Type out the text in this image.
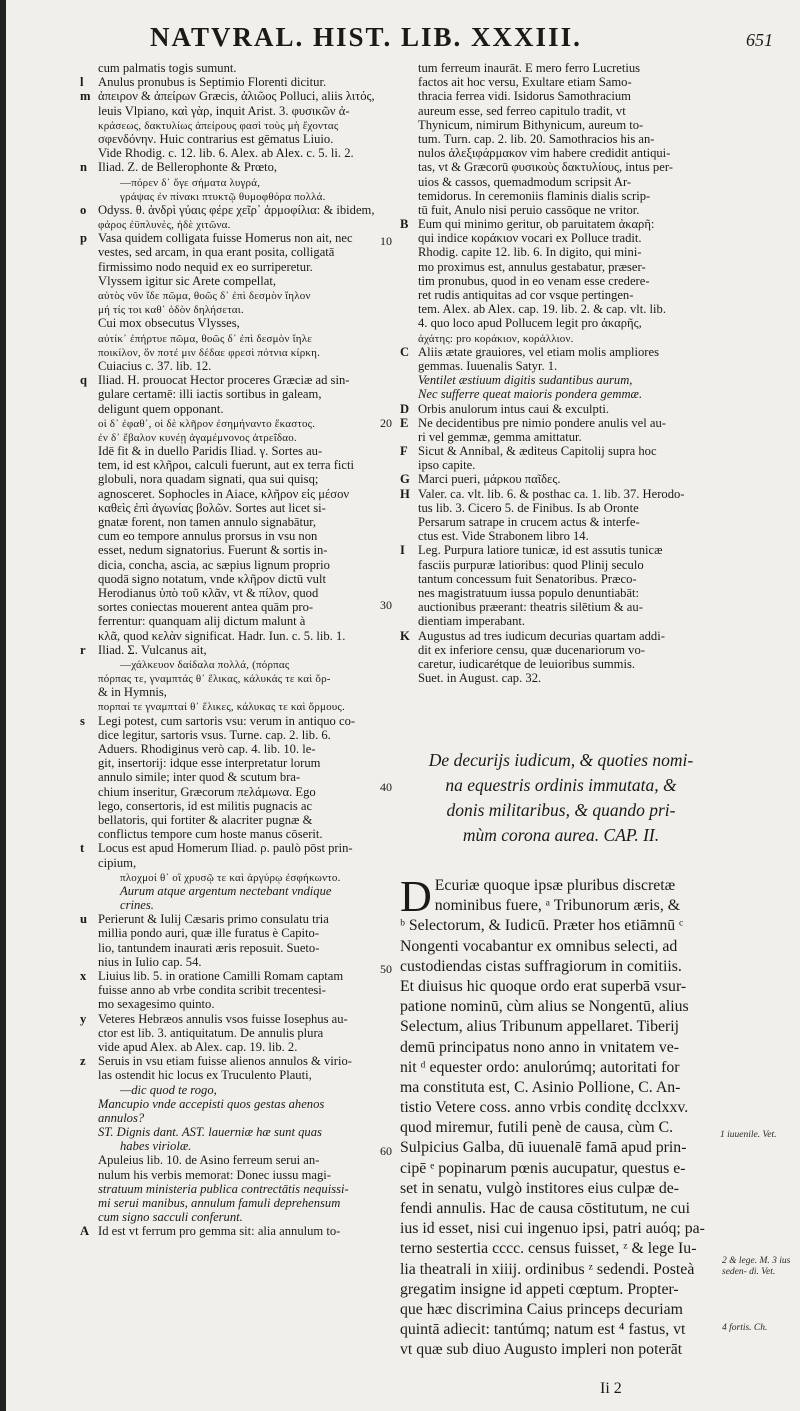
NATVRAL. HIST. LIB. XXXIII.	651
cum palmatis togis sumunt.
l Anulus pronubus is Septimio Florenti dicitur.
m ἀπειρον & ἀπείρων Græcis, ἀλιῶος Polluci, aliis λιτός,
leuis Vlpiano, καὶ γὰρ, inquit Arist. 3. φυσικῶν ἀ-
κράσεως, δακτυλίως ἀπείρους φασὶ τοὺς μὴ ἔχοντας
σφενδόνην. Huic contrarius est gēmatus Liuio.
Vide Rhodig. c. 12. lib. 6. Alex. ab Alex. c. 5. li. 2.
n Iliad. Z. de Bellerophonte & Prœto,
—πόρεν δ᾽ ὅγε σήματα λυγρά,
γράψας ἐν πίνακι πτυκτῷ θυμοφθόρα πολλά.
o Odyss. θ. ἀνδρὶ γύαις φέρε χεῖρ᾽ ἀρμοφίλια: & ibidem,
φάρος ἐϋπλυνὲς, ἠδὲ χιτῶνα.
p Vasa quidem colligata fuisse Homerus non ait, nec
vestes, sed arcam, in qua erant posita, colligatā
firmissimo nodo nequid ex eo surriperetur.
Vlyssem igitur sic Arete compellat,
αὐτὸς νῦν ἴδε πῶμα, θοῶς δ᾽ ἐπὶ δεσμὸν ἴηλον
μή τίς τοι καθ᾽ ὁδὸν δηλήσεται.
Cui mox obsecutus Vlysses,
αὐτίκ᾽ ἐπήρτυε πῶμα, θοῶς δ᾽ ἐπὶ δεσμὸν ἴηλε
ποικίλον, ὅν ποτέ μιν δέδαε φρεσὶ πότνια κίρκη.
Cuiacius c. 37. lib. 12.
q Iliad. H. prouocat Hector proceres Græciæ ad sin-
gulare certamē: illi iactis sortibus in galeam,
deligunt quem opponant.
οἱ δ᾽ ἐφαθ᾽, οἱ δὲ κλῆρον ἐσημήναντο ἕκαστος.
ἐν δ᾽ ἔβαλον κυνέῃ ἀγαμέμνονος ἀτρεΐδαο.
Idē fit & in duello Paridis Iliad. γ. Sortes au-
tem, id est κλῆροι, calculi fuerunt, aut ex terra ficti
globuli, nora quadam signati, qua sui quisq;
agnosceret. Sophocles in Aiace, κλῆρον εἰς μέσον
καθεὶς ἐπὶ ἀγωνίας βολῶν. Sortes aut licet si-
gnatæ forent, non tamen annulo signabātur,
cum eo tempore annulus prorsus in vsu non
esset, nedum signatorius. Fuerunt & sortis in-
dicia, concha, ascia, ac sæpius lignum proprio
quodā signo notatum, vnde κλῆρον dictū vult
Herodianus ὑπὸ τοῦ κλᾶν, vt & πίλον, quod
sortes coniectas mouerent antea quām pro-
ferrentur: quanquam alij dictum malunt à
κλᾶ, quod κελὰν significat. Hadr. Iun. c. 5. lib. 1.
r Iliad. Σ. Vulcanus ait,
—χάλκευον δαίδαλα πολλά, (πόρπας
πόρπας τε, γναμπτάς θ᾽ ἕλικας, κάλυκάς τε καὶ ὅρ-
& in Hymnis,
πορπαί τε γναμπταί θ᾽ ἕλικες, κάλυκας τε καὶ ὅρμους.
s Legi potest, cum sartoris vsu: verum in antiquo co-
dice legitur, sartoris vsus. Turne. cap. 2. lib. 6.
Aduers. Rhodiginus verò cap. 4. lib. 10. le-
git, insertorij: idque esse interpretatur lorum
annulo simile; inter quod & scutum bra-
chium inseritur, Græcorum πελάμωνα. Ego
lego, consertoris, id est militis pugnacis ac
bellatoris, qui fortiter & alacriter pugnæ &
conflictus tempore cum hoste manus cōserit.
t Locus est apud Homerum Iliad. ρ. paulò pōst prin-
cipium,
πλοχμοί θ᾽ οἳ χρυσῷ τε καὶ ἀργύρῳ ἐσφήκωντο.
Aurum atque argentum nectebant vndique
crines.
u Perierunt & Iulij Cæsaris primo consulatu tria
millia pondo auri, quæ ille furatus è Capito-
lio, tantundem inaurati æris reposuit. Sueto-
nius in Iulio cap. 54.
x Liuius lib. 5. in oratione Camilli Romam captam
fuisse anno ab vrbe condita scribit trecentesi-
mo sexagesimo quinto.
y Veteres Hebræos annulis vsos fuisse Iosephus au-
ctor est lib. 3. antiquitatum. De annulis plura
vide apud Alex. ab Alex. cap. 19. lib. 2.
z Seruis in vsu etiam fuisse alienos annulos & virio-
las ostendit hic locus ex Truculento Plauti,
—dic quod te rogo,
Mancupio vnde accepisti quos gestas ahenos
annulos?
ST. Dignis dant. AST. lauerniæ hæ sunt quas
habes viriolæ.
Apuleius lib. 10. de Asino ferreum serui an-
nulum his verbis memorat: Donec iussu magi-
stratuum ministeria publica contrectātis nequissi-
mi serui manibus, annulum famuli deprehensum
cum signo sacculi conferunt.
A Id est vt ferrum pro gemma sit: alia annulum to-
tum ferreum inaurāt. E mero ferro Lucretius
factos ait hoc versu, Exultare etiam Samo-
thracia ferrea vidi. Isidorus Samothracium
aureum esse, sed ferreo capitulo tradit, vt
Thynicum, nimirum Bithynicum, aureum to-
tum. Turn. cap. 2. lib. 20. Samothracios his an-
nulos ἀλεξιφάρμακον vim habere credidit antiqui-
tas, vt & Græcorū φυσικοὺς δακτυλίους, intus per-
uios & cassos, quemadmodum scripsit Ar-
temidorus. In ceremoniis flaminis dialis scrip-
tū fuit, Anulo nisi peruio cassōque ne vritor.
B Eum qui minimo geritur, ob paruitatem ἀκαρῆ:
qui indice κοράκιον vocari ex Polluce tradit.
Rhodig. capite 12. lib. 6. In digito, qui mini-
mo proximus est, annulus gestabatur, præser-
tim pronubus, quod in eo venam esse credere-
ret rudis antiquitas ad cor vsque pertingen-
tem. Alex. ab Alex. cap. 19. lib. 2. & cap. vlt. lib.
4. quo loco apud Pollucem legit pro ἀκαρῆς,
ἀχάτης: pro κοράκιον, κοράλλιον.
C Aliis ætate grauiores, vel etiam molis ampliores
gemmas. Iuuenalis Satyr. 1.
Ventilet æstiuum digitis sudantibus aurum,
Nec sufferre queat maioris pondera gemmæ.
D Orbis anulorum intus caui & exculpti.
E Ne decidentibus pre nimio pondere anulis vel au-
ri vel gemmæ, gemma amittatur.
F Sicut & Annibal, & æditeus Capitolij supra hoc
ipso capite.
G Marci pueri, μάρκου παῖδες.
H Valer. ca. vlt. lib. 6. & posthac ca. 1. lib. 37. Herodo-
tus lib. 3. Cicero 5. de Finibus. Is ab Oronte
Persarum satrape in crucem actus & interfe-
ctus est. Vide Strabonem libro 14.
I Leg. Purpura latiore tunicæ, id est assutis tunicæ
fasciis purpuræ latioribus: quod Plinij seculo
tantum concessum fuit Senatoribus. Præco-
nes magistratuum iussa populo denuntiabāt:
auctionibus præerant: theatris silētium & au-
dientiam imperabant.
K Augustus ad tres iudicum decurias quartam addi-
dit ex inferiore censu, quæ ducenariorum vo-
caretur, iudicarétque de leuioribus summis.
Suet. in August. cap. 32.
10
20
30
40
50
60
De decurijs iudicum, & quoties nomi-
na equestris ordinis immutata, &
donis militaribus, & quando pri-
mùm corona aurea. CAP. II.
D Ecuriæ quoque ipsæ pluribus discretæ
nominibus fuere, ᵃ Tribunorum æris, &
ᵇ Selectorum, & Iudicū. Præter hos etiāmnū ᶜ
Nongenti vocabantur ex omnibus selecti, ad
custodiendas cistas suffragiorum in comitiis.
Et diuisus hic quoque ordo erat superbā vsur-
patione nominū, cùm alius se Nongentū, alius
Selectum, alius Tribunum appellaret. Tiberij
demū principatus nono anno in vnitatem ve-
nit ᵈ equester ordo: anulorúmq; autoritati for
ma constituta est, C. Asinio Pollione, C. An-
tistio Vetere coss. anno vrbis conditę dcclxxv.
quod miremur, futili penè de causa, cùm C.
Sulpicius Galba, dū iuuenalē famā apud prin-
cipē ᵉ popinarum pœnis aucupatur, questus e-
set in senatu, vulgò institores eius culpæ de-
fendi annulis. Hac de causa cōstitutum, ne cui
ius id esset, nisi cui ingenuo ipsi, patri auóq; pa-
terno sestertia cccc. census fuisset, ᶻ & lege Iu-
lia theatrali in xiiij. ordinibus ᶻ sedendi. Posteà
gregatim insigne id appeti cœptum. Propter-
que hæc discrimina Caius princeps decuriam
quintā adiecit: tantúmq; natum est ⁴ fastus, vt
vt quæ sub diuo Augusto impleri non poterāt
1 iuuenile. Vet.
2 & lege. M. 3 ius seden- di. Vet.
4 fortis. Ch.
Ii 2
